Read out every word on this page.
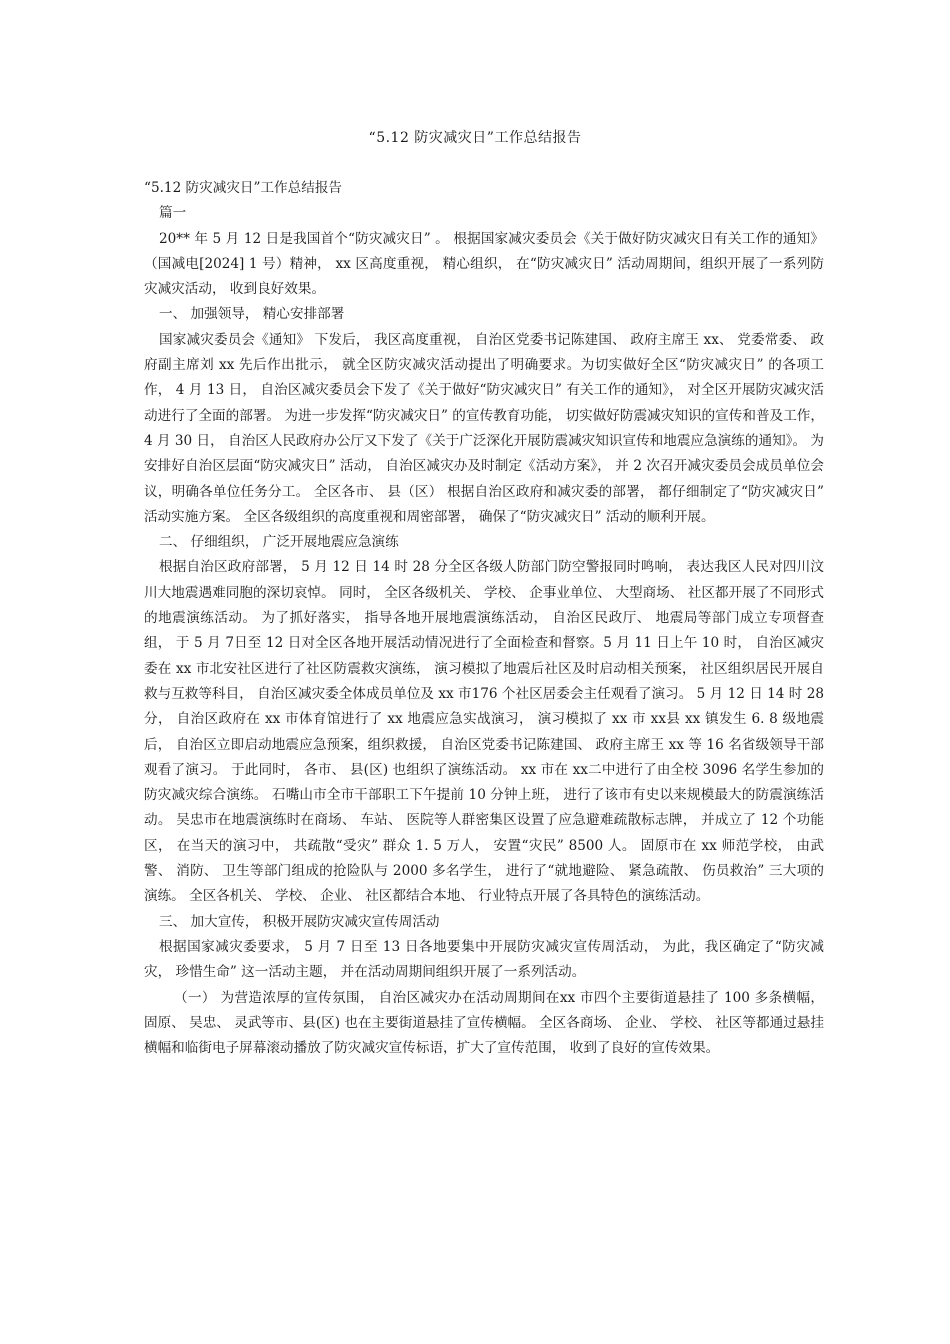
“5.12 防灾减灾日”工作总结报告

“5.12 防灾减灾日”工作总结报告

篇一

20** 年 5 月 12 日是我国首个“防灾减灾日” 。 根据国家减灾委员会《关于做好防灾减灾日有关工作的通知》（国减电[2024] 1 号）精神， xx 区高度重视， 精心组织， 在“防灾减灾日” 活动周期间，组织开展了一系列防灾减灾活动， 收到良好效果。

一、 加强领导， 精心安排部署

国家减灾委员会《通知》 下发后， 我区高度重视， 自治区党委书记陈建国、 政府主席王 xx、 党委常委、 政府副主席刘 xx 先后作出批示， 就全区防灾减灾活动提出了明确要求。为切实做好全区“防灾减灾日” 的各项工作， 4 月 13 日， 自治区减灾委员会下发了《关于做好“防灾减灾日” 有关工作的通知》， 对全区开展防灾减灾活动进行了全面的部署。 为进一步发挥“防灾减灾日” 的宣传教育功能， 切实做好防震减灾知识的宣传和普及工作， 4 月 30 日， 自治区人民政府办公厅又下发了《关于广泛深化开展防震减灾知识宣传和地震应急演练的通知》。 为安排好自治区层面“防灾减灾日” 活动， 自治区减灾办及时制定《活动方案》， 并 2 次召开减灾委员会成员单位会议，明确各单位任务分工。 全区各市、 县（区） 根据自治区政府和减灾委的部署， 都仔细制定了“防灾减灾日” 活动实施方案。 全区各级组织的高度重视和周密部署， 确保了“防灾减灾日” 活动的顺利开展。

二、 仔细组织， 广泛开展地震应急演练

根据自治区政府部署， 5 月 12 日 14 时 28 分全区各级人防部门防空警报同时鸣响， 表达我区人民对四川汶川大地震遇难同胞的深切哀悼。 同时， 全区各级机关、 学校、 企事业单位、 大型商场、 社区都开展了不同形式的地震演练活动。 为了抓好落实， 指导各地开展地震演练活动， 自治区民政厅、 地震局等部门成立专项督查组， 于 5 月 7日至 12 日对全区各地开展活动情况进行了全面检查和督察。5 月 11 日上午 10 时， 自治区减灾委在 xx 市北安社区进行了社区防震救灾演练， 演习模拟了地震后社区及时启动相关预案， 社区组织居民开展自救与互救等科目， 自治区减灾委全体成员单位及 xx 市176 个社区居委会主任观看了演习。 5 月 12 日 14 时 28 分， 自治区政府在 xx 市体育馆进行了 xx 地震应急实战演习， 演习模拟了 xx 市 xx县 xx 镇发生 6. 8 级地震后， 自治区立即启动地震应急预案，组织救援， 自治区党委书记陈建国、 政府主席王 xx 等 16 名省级领导干部观看了演习。 于此同时， 各市、 县(区) 也组织了演练活动。 xx 市在 xx二中进行了由全校 3096 名学生参加的防灾减灾综合演练。 石嘴山市全市干部职工下午提前 10 分钟上班， 进行了该市有史以来规模最大的防震演练活动。 吴忠市在地震演练时在商场、 车站、 医院等人群密集区设置了应急避难疏散标志牌， 并成立了 12 个功能区， 在当天的演习中， 共疏散“受灾” 群众 1. 5 万人， 安置“灾民” 8500 人。 固原市在 xx 师范学校， 由武警、 消防、 卫生等部门组成的抢险队与 2000 多名学生， 进行了“就地避险、 紧急疏散、 伤员救治” 三大项的演练。 全区各机关、 学校、 企业、 社区都结合本地、 行业特点开展了各具特色的演练活动。

三、 加大宣传， 积极开展防灾减灾宣传周活动

根据国家减灾委要求， 5 月 7 日至 13 日各地要集中开展防灾减灾宣传周活动， 为此，我区确定了“防灾减灾， 珍惜生命” 这一活动主题， 并在活动周期间组织开展了一系列活动。

（一） 为营造浓厚的宣传氛围， 自治区减灾办在活动周期间在xx 市四个主要街道悬挂了 100 多条横幅， 固原、 吴忠、 灵武等市、县(区) 也在主要街道悬挂了宣传横幅。 全区各商场、 企业、 学校、 社区等都通过悬挂横幅和临街电子屏幕滚动播放了防灾减灾宣传标语，扩大了宣传范围， 收到了良好的宣传效果。
